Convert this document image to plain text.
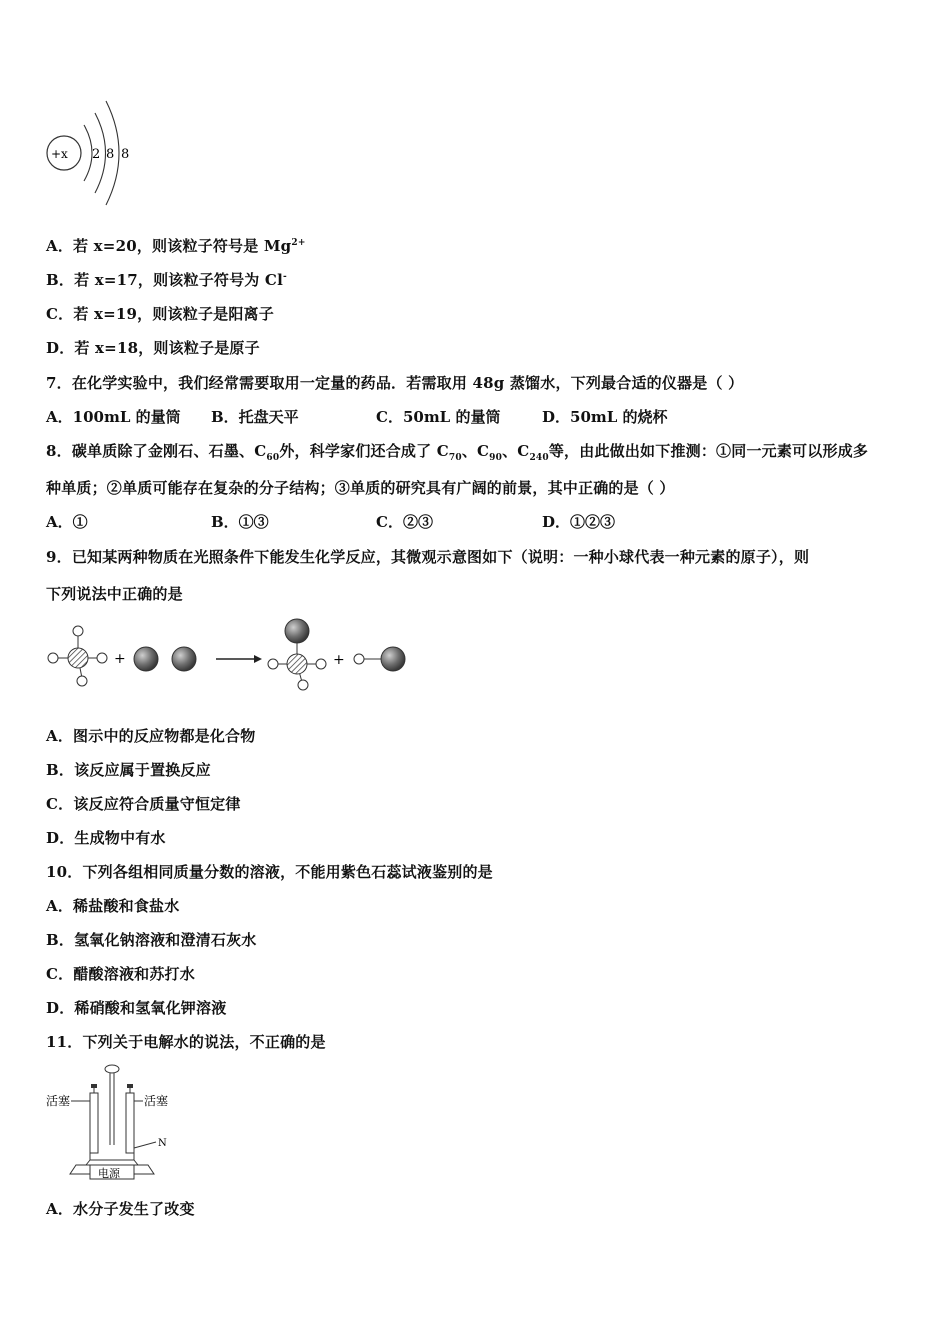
+x 2 8 8
A．若 x=20，则该粒子符号是 $Mg^{2+}$
B．若 x=17，则该粒子符号为 Cl-
C．若 x=19，则该粒子是阳离子
D．若 x=18，则该粒子是原子
7．在化学实验中，我们经常需要取用一定量的药品．若需取用 48g 蒸馏水，下列最合适的仪器是（ ）
A．100mL 的量筒 B．托盘天平	C．50mL 的量筒	D．50mL 的烧杯
8．碳单质除了金刚石、石墨、$C_{60}$外，科学家们还合成了 $C_{70}$、$C_{90}$、$C_{240}$等，由此做出如下推测：①同一元素可以形成多
种单质；②单质可能存在复杂的分子结构；③单质的研究具有广阔的前景，其中正确的是（ ）
A．①	B．①③	C．②③	D．①②③
9．已知某两种物质在光照条件下能发生化学反应，其微观示意图如下（说明：一种小球代表一种元素的原子），则
下列说法中正确的是
+	+
A．图示中的反应物都是化合物
B．该反应属于置换反应
C．该反应符合质量守恒定律
D．生成物中有水
10．下列各组相同质量分数的溶液，不能用紫色石蕊试液鉴别的是
A．稀盐酸和食盐水
B．氢氧化钠溶液和澄清石灰水
C．醋酸溶液和苏打水
D．稀硝酸和氢氧化钾溶液
11．下列关于电解水的说法，不正确的是
活塞	活塞
N
电源
A．水分子发生了改变
